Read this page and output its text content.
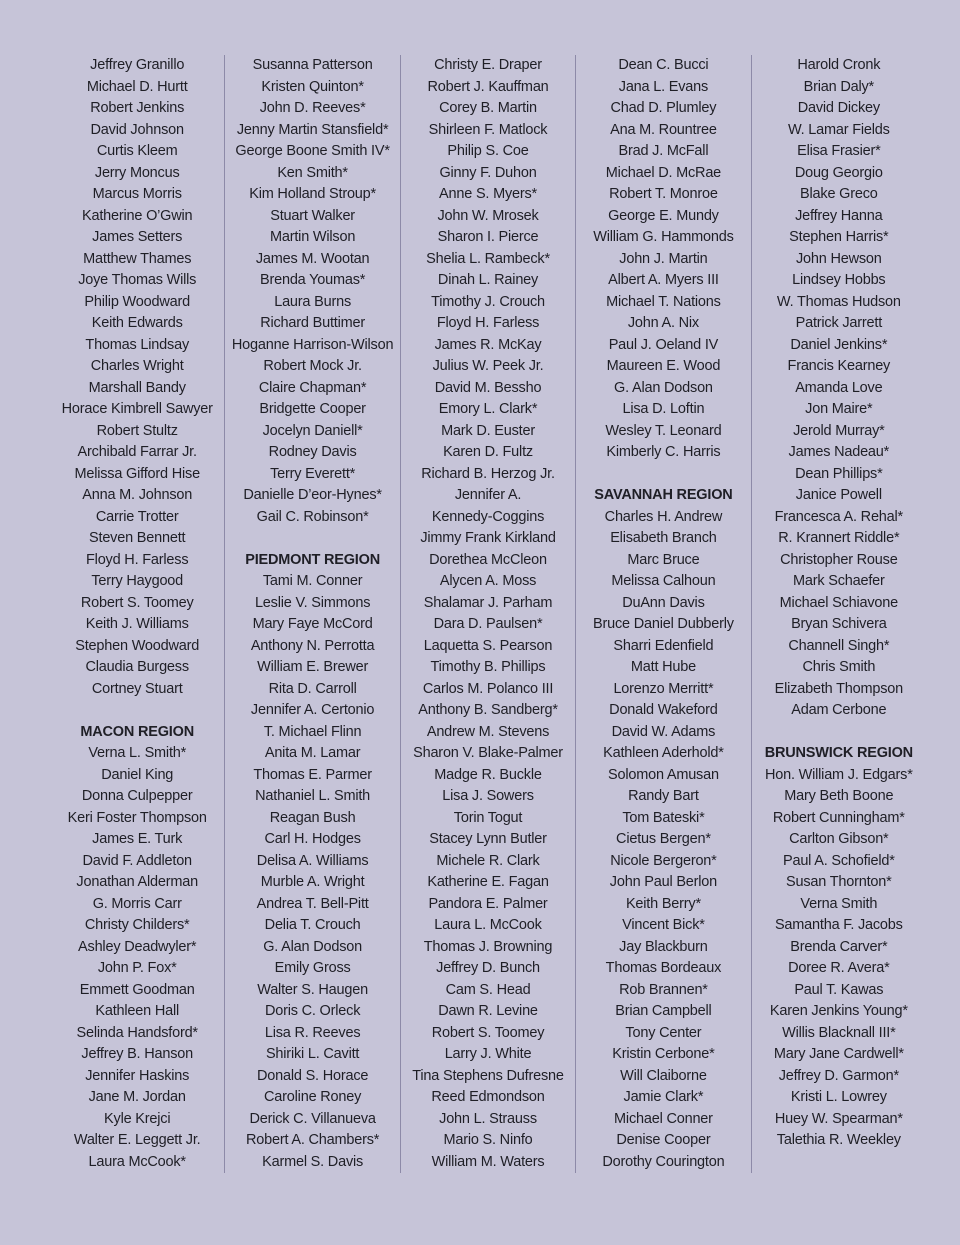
Jeffrey Granillo
Michael D. Hurtt
Robert Jenkins
David Johnson
Curtis Kleem
Jerry Moncus
Marcus Morris
Katherine O’Gwin
James Setters
Matthew Thames
Joye Thomas Wills
Philip Woodward
Keith Edwards
Thomas Lindsay
Charles Wright
Marshall Bandy
Horace Kimbrell Sawyer
Robert Stultz
Archibald Farrar Jr.
Melissa Gifford Hise
Anna M. Johnson
Carrie Trotter
Steven Bennett
Floyd H. Farless
Terry Haygood
Robert S. Toomey
Keith J. Williams
Stephen Woodward
Claudia Burgess
Cortney Stuart
MACON REGION
Verna L. Smith*
Daniel King
Donna Culpepper
Keri Foster Thompson
James E. Turk
David F. Addleton
Jonathan Alderman
G. Morris Carr
Christy Childers*
Ashley Deadwyler*
John P. Fox*
Emmett Goodman
Kathleen Hall
Selinda Handsford*
Jeffrey B. Hanson
Jennifer Haskins
Jane M. Jordan
Kyle Krejci
Walter E. Leggett Jr.
Laura McCook*
Susanna Patterson
Kristen Quinton*
John D. Reeves*
Jenny Martin Stansfield*
George Boone Smith IV*
Ken Smith*
Kim Holland Stroup*
Stuart Walker
Martin Wilson
James M. Wootan
Brenda Youmas*
Laura Burns
Richard Buttimer
Hoganne Harrison-Wilson
Robert Mock Jr.
Claire Chapman*
Bridgette Cooper
Jocelyn Daniell*
Rodney Davis
Terry Everett*
Danielle D’eor-Hynes*
Gail C. Robinson*
PIEDMONT REGION
Tami M. Conner
Leslie V. Simmons
Mary Faye McCord
Anthony N. Perrotta
William E. Brewer
Rita D. Carroll
Jennifer A. Certonio
T. Michael Flinn
Anita M. Lamar
Thomas E. Parmer
Nathaniel L. Smith
Reagan Bush
Carl H. Hodges
Delisa A. Williams
Murble A. Wright
Andrea T. Bell-Pitt
Delia T. Crouch
G. Alan Dodson
Emily Gross
Walter S. Haugen
Doris C. Orleck
Lisa R. Reeves
Shiriki L. Cavitt
Donald S. Horace
Caroline Roney
Derick C. Villanueva
Robert A. Chambers*
Karmel S. Davis
Christy E. Draper
Robert J. Kauffman
Corey B. Martin
Shirleen F. Matlock
Philip S. Coe
Ginny F. Duhon
Anne S. Myers*
John W. Mrosek
Sharon I. Pierce
Shelia L. Rambeck*
Dinah L. Rainey
Timothy J. Crouch
Floyd H. Farless
James R. McKay
Julius W. Peek Jr.
David M. Bessho
Emory L. Clark*
Mark D. Euster
Karen D. Fultz
Richard B. Herzog Jr.
Jennifer A.
Kennedy-Coggins
Jimmy Frank Kirkland
Dorethea McCleon
Alycen A. Moss
Shalamar J. Parham
Dara D. Paulsen*
Laquetta S. Pearson
Timothy B. Phillips
Carlos M. Polanco III
Anthony B. Sandberg*
Andrew M. Stevens
Sharon V. Blake-Palmer
Madge R. Buckle
Lisa J. Sowers
Torin Togut
Stacey Lynn Butler
Michele R. Clark
Katherine E. Fagan
Pandora E. Palmer
Laura L. McCook
Thomas J. Browning
Jeffrey D. Bunch
Cam S. Head
Dawn R. Levine
Robert S. Toomey
Larry J. White
Tina Stephens Dufresne
Reed Edmondson
John L. Strauss
Mario S. Ninfo
William M. Waters
Dean C. Bucci
Jana L. Evans
Chad D. Plumley
Ana M. Rountree
Brad J. McFall
Michael D. McRae
Robert T. Monroe
George E. Mundy
William G. Hammonds
John J. Martin
Albert A. Myers III
Michael T. Nations
John A. Nix
Paul J. Oeland IV
Maureen E. Wood
G. Alan Dodson
Lisa D. Loftin
Wesley T. Leonard
Kimberly C. Harris
SAVANNAH REGION
Charles H. Andrew
Elisabeth Branch
Marc Bruce
Melissa Calhoun
DuAnn Davis
Bruce Daniel Dubberly
Sharri Edenfield
Matt Hube
Lorenzo Merritt*
Donald Wakeford
David W. Adams
Kathleen Aderhold*
Solomon Amusan
Randy Bart
Tom Bateski*
Cietus Bergen*
Nicole Bergeron*
John Paul Berlon
Keith Berry*
Vincent Bick*
Jay Blackburn
Thomas Bordeaux
Rob Brannen*
Brian Campbell
Tony Center
Kristin Cerbone*
Will Claiborne
Jamie Clark*
Michael Conner
Denise Cooper
Dorothy Courington
Harold Cronk
Brian Daly*
David Dickey
W. Lamar Fields
Elisa Frasier*
Doug Georgio
Blake Greco
Jeffrey Hanna
Stephen Harris*
John Hewson
Lindsey Hobbs
W. Thomas Hudson
Patrick Jarrett
Daniel Jenkins*
Francis Kearney
Amanda Love
Jon Maire*
Jerold Murray*
James Nadeau*
Dean Phillips*
Janice Powell
Francesca A. Rehal*
R. Krannert Riddle*
Christopher Rouse
Mark Schaefer
Michael Schiavone
Bryan Schivera
Channell Singh*
Chris Smith
Elizabeth Thompson
Adam Cerbone
BRUNSWICK REGION
Hon. William J. Edgars*
Mary Beth Boone
Robert Cunningham*
Carlton Gibson*
Paul A. Schofield*
Susan Thornton*
Verna Smith
Samantha F. Jacobs
Brenda Carver*
Doree R. Avera*
Paul T. Kawas
Karen Jenkins Young*
Willis Blacknall III*
Mary Jane Cardwell*
Jeffrey D. Garmon*
Kristi L. Lowrey
Huey W. Spearman*
Talethia R. Weekley
